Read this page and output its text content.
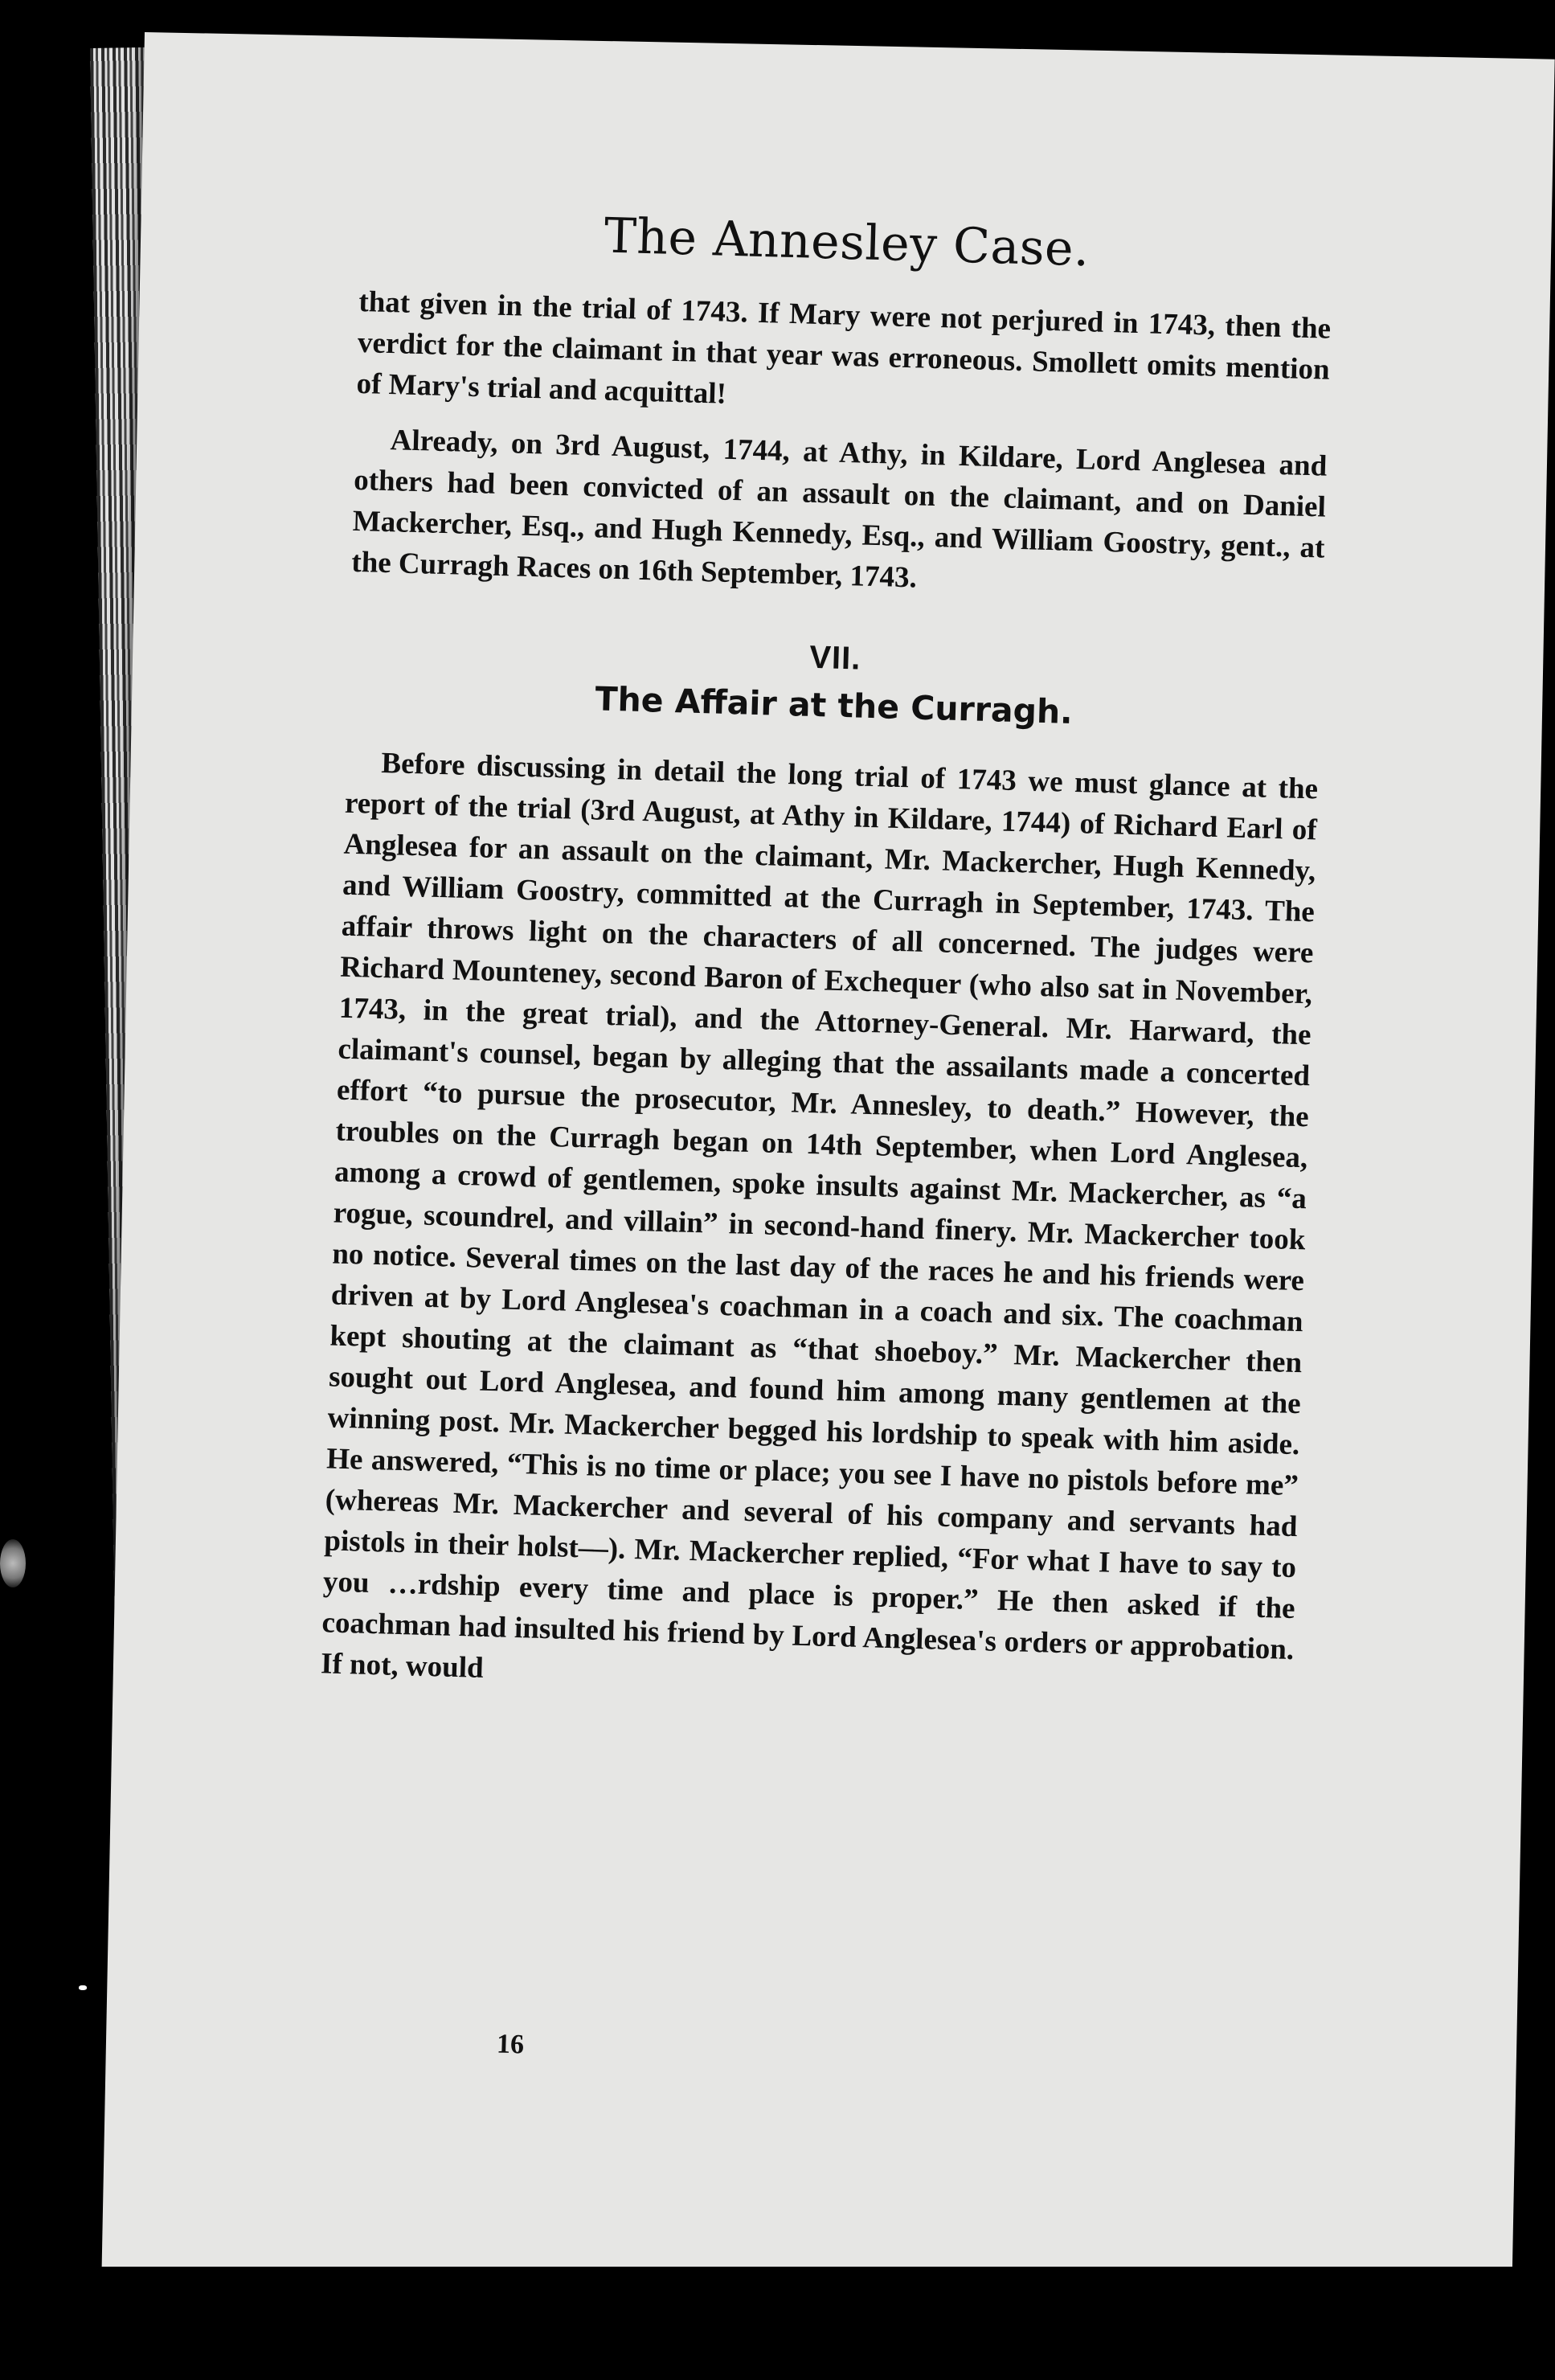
The Annesley Case.

that given in the trial of 1743. If Mary were not perjured in 1743, then the verdict for the claimant in that year was erroneous. Smollett omits mention of Mary's trial and acquittal!

Already, on 3rd August, 1744, at Athy, in Kildare, Lord Anglesea and others had been convicted of an assault on the claimant, and on Daniel Mackercher, Esq., and Hugh Kennedy, Esq., and William Goostry, gent., at the Curragh Races on 16th September, 1743.

VII.
The Affair at the Curragh.

Before discussing in detail the long trial of 1743 we must glance at the report of the trial (3rd August, at Athy in Kildare, 1744) of Richard Earl of Anglesea for an assault on the claimant, Mr. Mackercher, Hugh Kennedy, and William Goostry, committed at the Curragh in September, 1743. The affair throws light on the characters of all concerned. The judges were Richard Mounteney, second Baron of Exchequer (who also sat in November, 1743, in the great trial), and the Attorney-General. Mr. Harward, the claimant's counsel, began by alleging that the assailants made a concerted effort “to pursue the prosecutor, Mr. Annesley, to death.” However, the troubles on the Curragh began on 14th September, when Lord Anglesea, among a crowd of gentlemen, spoke insults against Mr. Mackercher, as “a rogue, scoundrel, and villain” in second-hand finery. Mr. Mackercher took no notice. Several times on the last day of the races he and his friends were driven at by Lord Anglesea's coachman in a coach and six. The coachman kept shouting at the claimant as “that shoeboy.” Mr. Mackercher then sought out Lord Anglesea, and found him among many gentlemen at the winning post. Mr. Mackercher begged his lordship to speak with him aside. He answered, “This is no time or place; you see I have no pistols before me” (whereas Mr. Mackercher and several of his company and servants had pistols in their holst––). Mr. Mackercher replied, “For what I have to say to you …rdship every time and place is proper.” He then asked if the coachman had insulted his friend by Lord Anglesea's orders or approbation. If not, would

16
